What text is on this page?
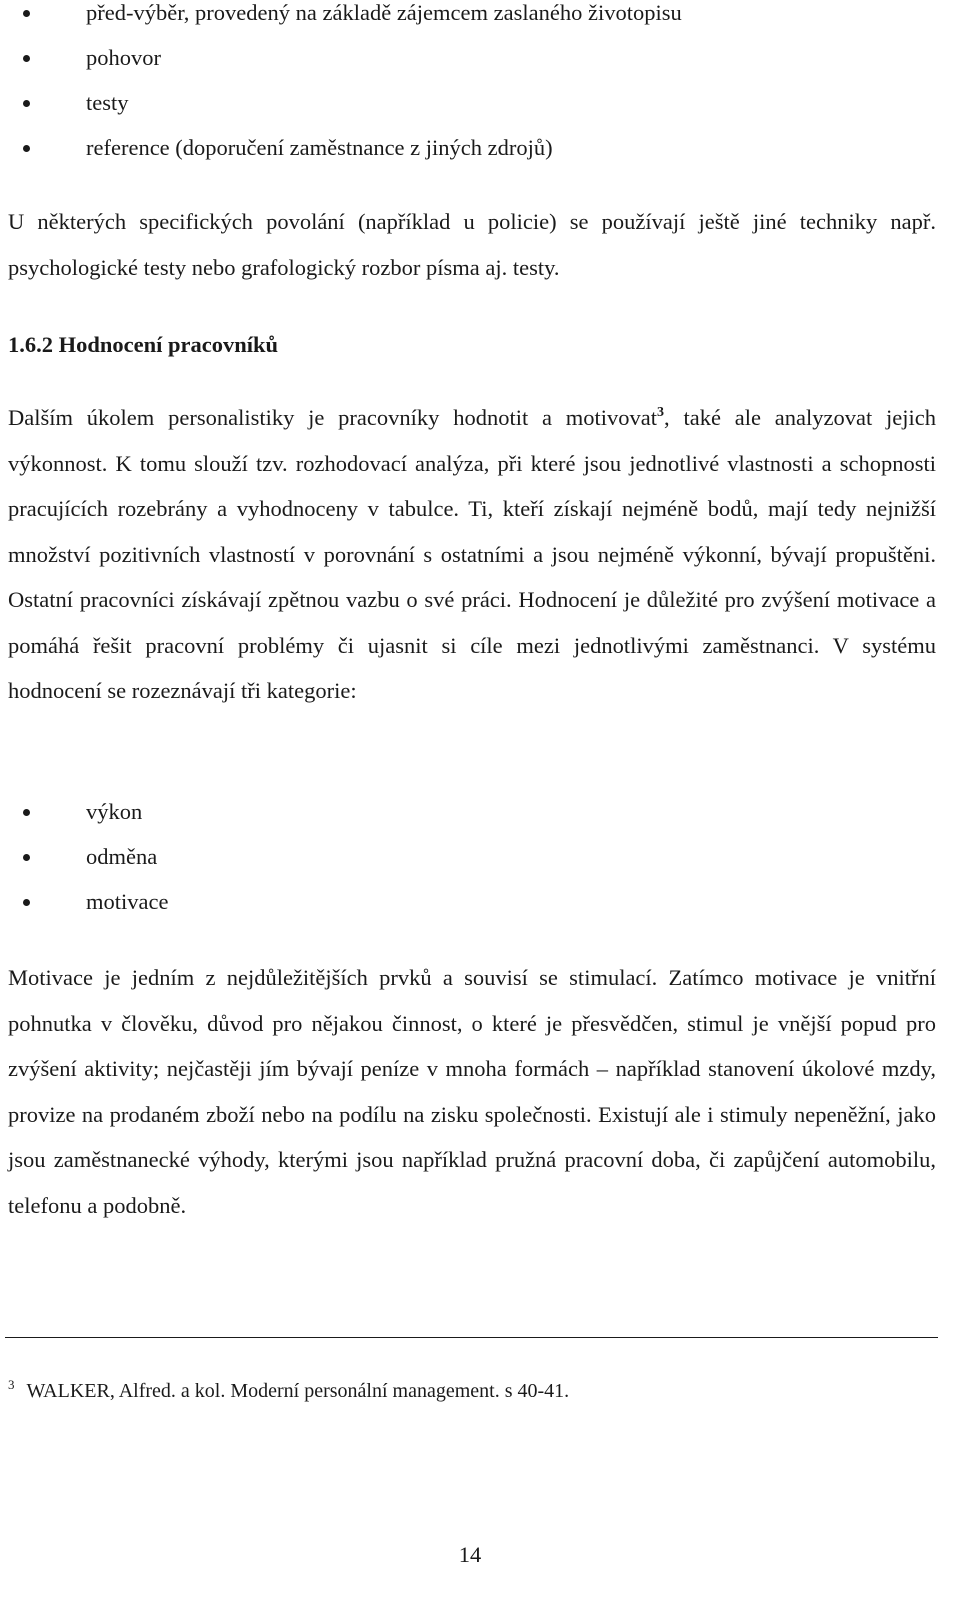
před-výběr, provedený na základě zájemcem zaslaného životopisu
pohovor
testy
reference (doporučení zaměstnance z jiných zdrojů)

U některých specifických povolání (například u policie) se používají ještě jiné techniky např. psychologické testy nebo grafologický rozbor písma aj. testy.

1.6.2 Hodnocení pracovníků

Dalším úkolem personalistiky je pracovníky hodnotit a motivovat$^3$, také ale analyzovat jejich výkonnost. K tomu slouží tzv. rozhodovací analýza, při které jsou jednotlivé vlastnosti a schopnosti pracujících rozebrány a vyhodnoceny v tabulce. Ti, kteří získají nejméně bodů, mají tedy nejnižší množství pozitivních vlastností v porovnání s ostatními a jsou nejméně výkonní, bývají propuštěni. Ostatní pracovníci získávají zpětnou vazbu o své práci. Hodnocení je důležité pro zvýšení motivace a pomáhá řešit pracovní problémy či ujasnit si cíle mezi jednotlivými zaměstnanci. V systému hodnocení se rozeznávají tři kategorie:

výkon
odměna
motivace

Motivace je jedním z nejdůležitějších prvků a souvisí se stimulací. Zatímco motivace je vnitřní pohnutka v člověku, důvod pro nějakou činnost, o které je přesvědčen, stimul je vnější popud pro zvýšení aktivity; nejčastěji jím bývají peníze v mnoha formách – například stanovení úkolové mzdy, provize na prodaném zboží nebo na podílu na zisku společnosti. Existují ale i stimuly nepeněžní, jako jsou zaměstnanecké výhody, kterými jsou například pružná pracovní doba, či zapůjčení automobilu, telefonu a podobně.

$^3$ WALKER, Alfred. a kol. Moderní personální management. s 40-41.
14
